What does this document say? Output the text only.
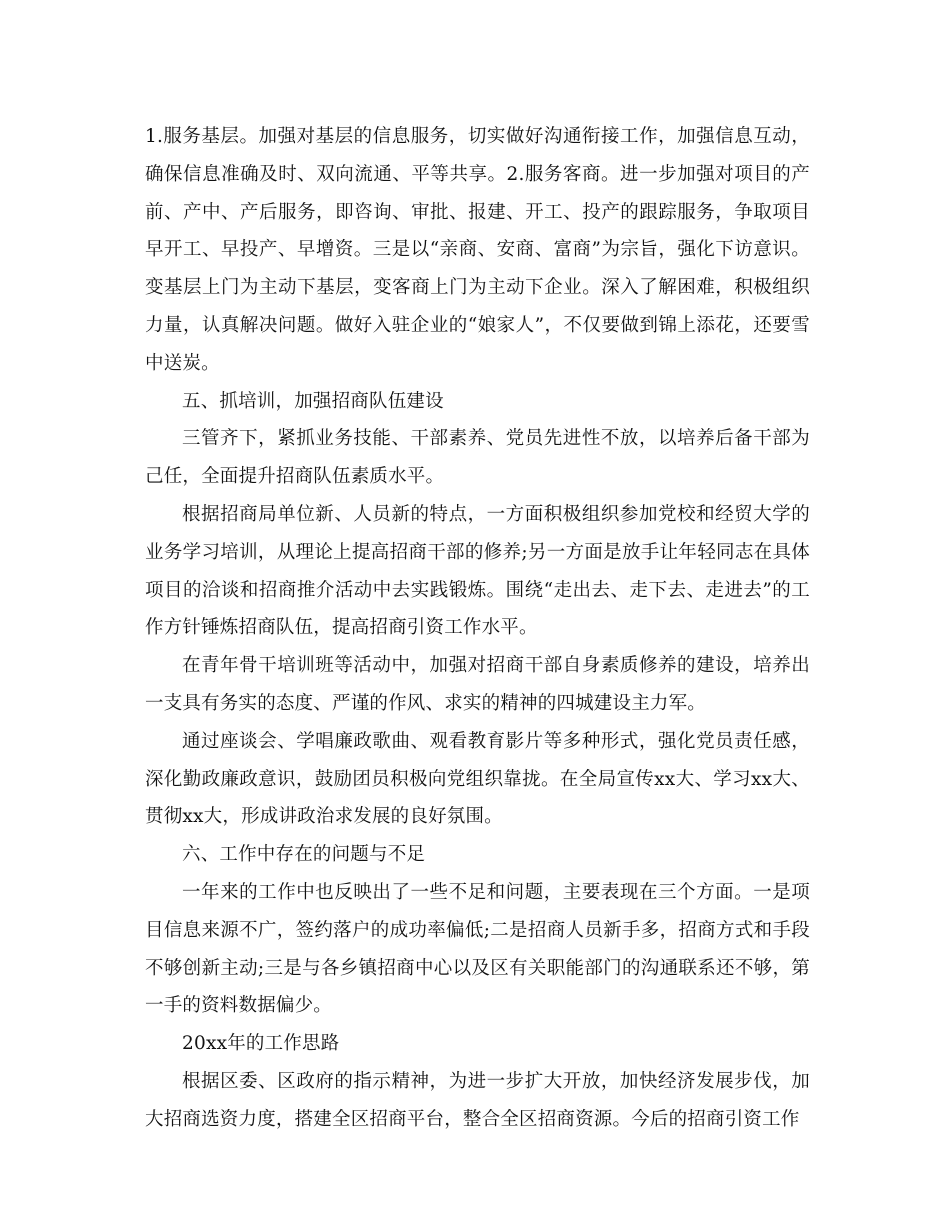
1.服务基层。加强对基层的信息服务，切实做好沟通衔接工作，加强信息互动，确保信息准确及时、双向流通、平等共享。2.服务客商。进一步加强对项目的产前、产中、产后服务，即咨询、审批、报建、开工、投产的跟踪服务，争取项目早开工、早投产、早增资。三是以“亲商、安商、富商”为宗旨，强化下访意识。变基层上门为主动下基层，变客商上门为主动下企业。深入了解困难，积极组织力量，认真解决问题。做好入驻企业的“娘家人”，不仅要做到锦上添花，还要雪中送炭。

五、抓培训，加强招商队伍建设

三管齐下，紧抓业务技能、干部素养、党员先进性不放，以培养后备干部为己任，全面提升招商队伍素质水平。

根据招商局单位新、人员新的特点，一方面积极组织参加党校和经贸大学的业务学习培训，从理论上提高招商干部的修养;另一方面是放手让年轻同志在具体项目的洽谈和招商推介活动中去实践锻炼。围绕“走出去、走下去、走进去”的工作方针锤炼招商队伍，提高招商引资工作水平。

在青年骨干培训班等活动中，加强对招商干部自身素质修养的建设，培养出一支具有务实的态度、严谨的作风、求实的精神的四城建设主力军。

通过座谈会、学唱廉政歌曲、观看教育影片等多种形式，强化党员责任感，深化勤政廉政意识，鼓励团员积极向党组织靠拢。在全局宣传xx大、学习xx大、贯彻xx大，形成讲政治求发展的良好氛围。

六、工作中存在的问题与不足

一年来的工作中也反映出了一些不足和问题，主要表现在三个方面。一是项目信息来源不广，签约落户的成功率偏低;二是招商人员新手多，招商方式和手段不够创新主动;三是与各乡镇招商中心以及区有关职能部门的沟通联系还不够，第一手的资料数据偏少。

20xx年的工作思路

根据区委、区政府的指示精神，为进一步扩大开放，加快经济发展步伐，加大招商选资力度，搭建全区招商平台，整合全区招商资源。今后的招商引资工作
